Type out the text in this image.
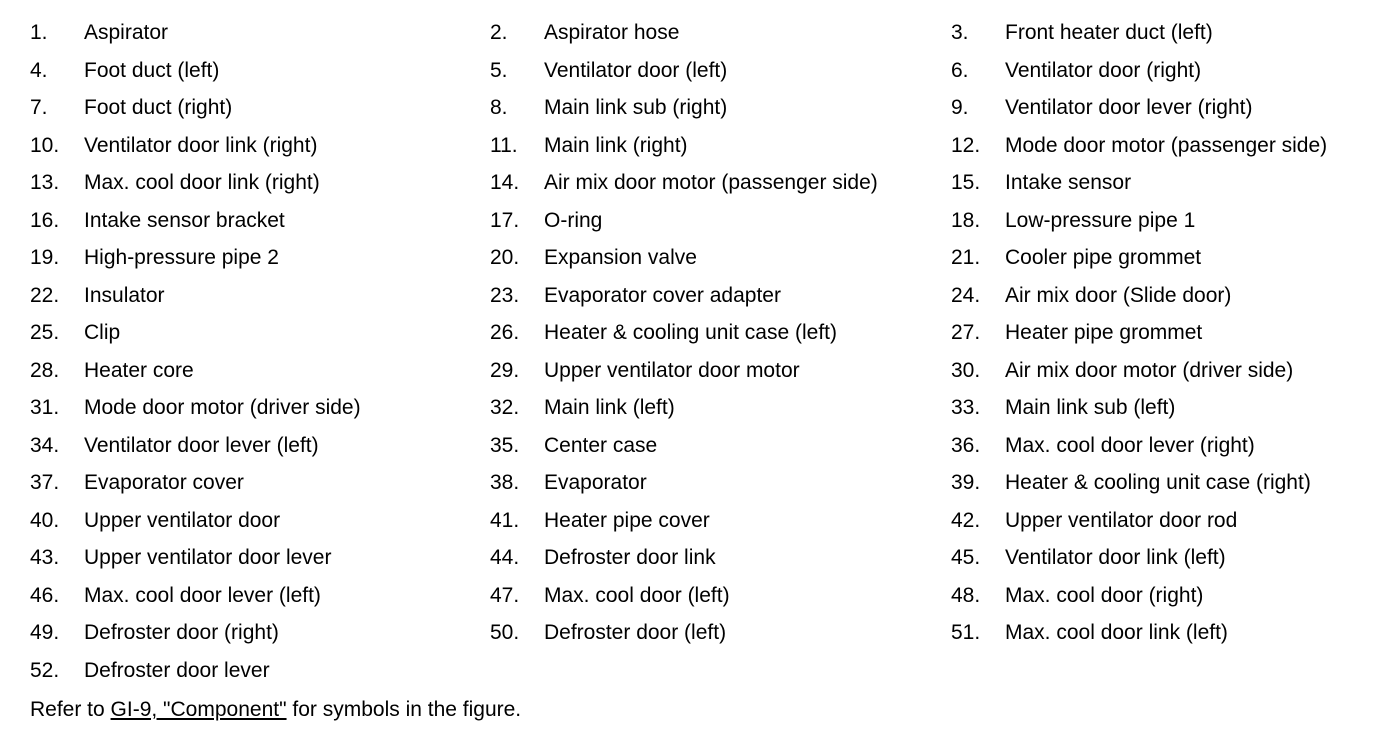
1. Aspirator	2. Aspirator hose	3. Front heater duct (left)
4. Foot duct (left)	5. Ventilator door (left)	6. Ventilator door (right)
7. Foot duct (right)	8. Main link sub (right)	9. Ventilator door lever (right)
10. Ventilator door link (right)	11. Main link (right)	12. Mode door motor (passenger side)
13. Max. cool door link (right)	14. Air mix door motor (passenger side)	15. Intake sensor
16. Intake sensor bracket	17. O-ring	18. Low-pressure pipe 1
19. High-pressure pipe 2	20. Expansion valve	21. Cooler pipe grommet
22. Insulator	23. Evaporator cover adapter	24. Air mix door (Slide door)
25. Clip	26. Heater & cooling unit case (left)	27. Heater pipe grommet
28. Heater core	29. Upper ventilator door motor	30. Air mix door motor (driver side)
31. Mode door motor (driver side)	32. Main link (left)	33. Main link sub (left)
34. Ventilator door lever (left)	35. Center case	36. Max. cool door lever (right)
37. Evaporator cover	38. Evaporator	39. Heater & cooling unit case (right)
40. Upper ventilator door	41. Heater pipe cover	42. Upper ventilator door rod
43. Upper ventilator door lever	44. Defroster door link	45. Ventilator door link (left)
46. Max. cool door lever (left)	47. Max. cool door (left)	48. Max. cool door (right)
49. Defroster door (right)	50. Defroster door (left)	51. Max. cool door link (left)
52. Defroster door lever
Refer to GI-9, "Component" for symbols in the figure.
